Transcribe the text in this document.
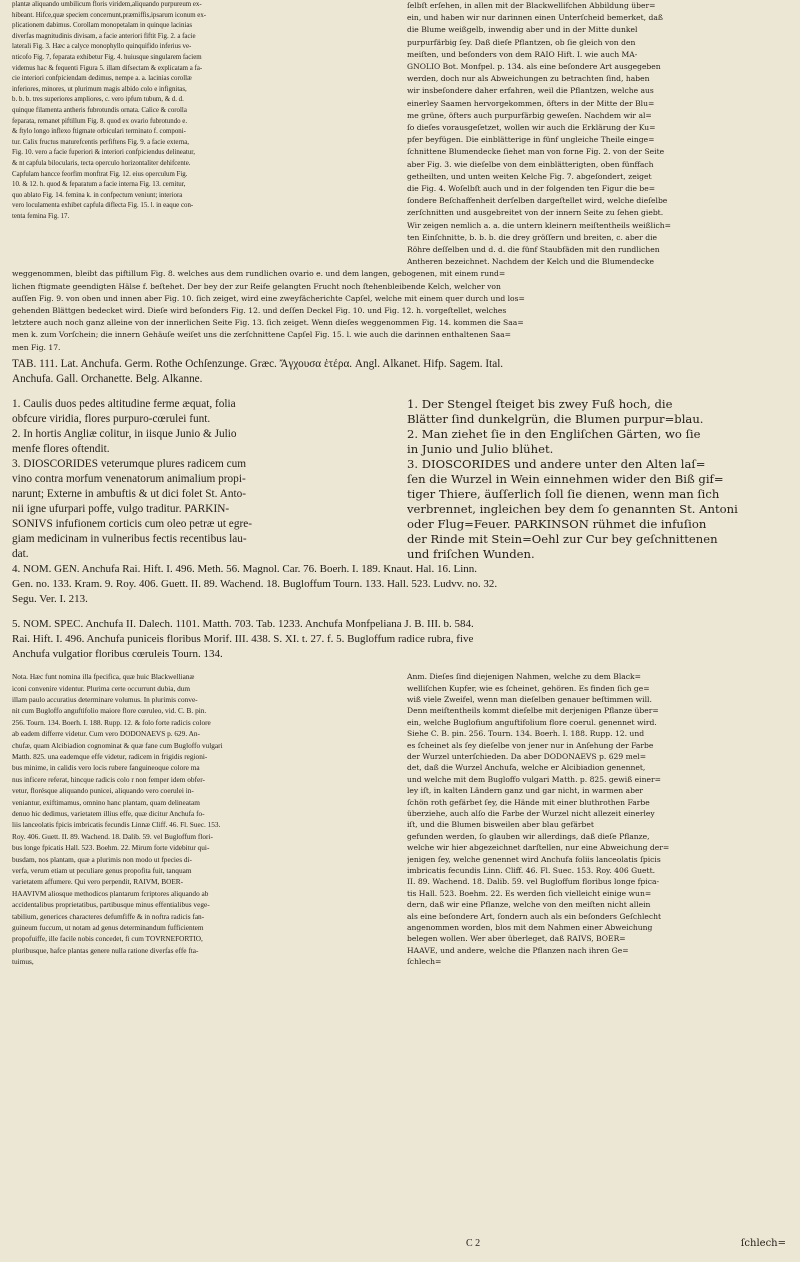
plantæ aliquando umbilicum floris viridem,aliquando purpureum ex-
hibeant. Hifce,quæ speciem concernunt,præmiffis,ipsarum iconum ex-
plicationem dabimus. Corollam monopetalam in quinque lacinias
diverfas magnitudinis divisam, a facie anteriori fiftit Fig. 2. a facie
laterali Fig. 3. Hæc a calyce monophyllo quinquifido inferius ve-
nticofo Fig. 7, feparata exhibetur Fig. 4. huiusque singularem faciem
videmus hac & fequenti Figura 5. illam difsectam & explicatam a fa-
cie interiori confpiciendam dedimus, nempe a. a. lacinias corollæ
inferiores, minores, ut plurimum magis albido colo e infignitas,
b. b. b. tres superiores ampliores, c. vero ipfum tubum, & d. d.
quinque filamenta antheris fubrotundis ornata. Calice & corolla
feparata, remanet piftillum Fig. 8. quod ex ovario fubrotundo e.
& ftylo longo inflexo ftigmate orbiculari terminato f. componi-
tur. Calix fructus maturefcentis perfiftens Fig. 9. a facie externa,
Fig. 10. vero a facie fuperiori & interiori confpiciendus delineatur,
& nt capfula bilocularis, tecta operculo horizontaliter dehifcente.
Capfulam hancce feorfim monftrat Fig. 12. eius operculum Fig.
10. & 12. h. quod & feparatum a facie interna Fig. 13. cernitur,
quo ablato Fig. 14. femina k. in confpectum veniunt; interiora
vero loculamenta exhibet capfula diflecta Fig. 15. l. in eaque con-
tenta femina Fig. 17.

ſelbſt erſehen, in allen mit der Blackwellifchen Abbildung über=
ein, und haben wir nur darinnen einen Unterſcheid bemerket, daß
die Blume weißgelb, inwendig aber und in der Mitte dunkel
purpurfärbig ſey. Daß dieſe Pflantzen, ob ſie gleich von den
meiſten, und beſonders von dem RAIO Hift. I. wie auch MA-
GNOLIO Bot. Monfpel. p. 134. als eine beſondere Art ausgegeben
werden, doch nur als Abweichungen zu betrachten ſind, haben
wir insbeſondere daher erfahren, weil die Pflantzen, welche aus
einerley Saamen hervorgekommen, öfters in der Mitte der Blu=
me grüne, öfters auch purpurfärbig geweſen. Nachdem wir al=
ſo dieſes vorausgeſetzet, wollen wir auch die Erklärung der Ku=
pfer beyfügen. Die einblätterige in fünf ungleiche Theile einge=
ſchnittene Blumendecke ſiehet man von forne Fig. 2. von der Seite
aber Fig. 3. wie dieſelbe von dem einblätterigten, oben fünffach
getheilten, und unten weiten Kelche Fig. 7. abgeſondert, zeiget
die Fig. 4. Woſelbſt auch und in der folgenden ten Figur die be=
ſondere Beſchaffenheit derſelben dargeſtellet wird, welche dieſelbe
zerſchnitten und ausgebreitet von der innern Seite zu ſehen giebt.
Wir zeigen nemlich a. a. die untern kleinern meiſtentheils weißlich=
ten Einſchnitte, b. b. b. die drey gröſſern und breiten, c. aber die
Röhre deſſelben und d. d. die fünf Staubfäden mit den rundlichen
Antheren bezeichnet. Nachdem der Kelch und die Blumendecke

weggenommen, bleibt das piftillum Fig. 8. welches aus dem rundlichen ovario e. und dem langen, gebogenen, mit einem rund=
lichen ftigmate geendigten Hälse f. beſtehet. Der bey der zur Reife gelangten Frucht noch ſtehenbleibende Kelch, welcher von
auſſen Fig. 9. von oben und innen aber Fig. 10. ſich zeiget, wird eine zweyfächerichte Capſel, welche mit einem quer durch und los=
gehenden Blättgen bedecket wird. Dieſe wird beſonders Fig. 12. und deſſen Deckel Fig. 10. und Fig. 12. h. vorgeſtellet, welches
letztere auch noch ganz alleine von der innerlichen Seite Fig. 13. ſich zeiget. Wenn dieſes weggenommen Fig. 14. kommen die Saa=
men k. zum Vorſchein; die innern Gehäuſe weiſet uns die zerſchnittene Capſel Fig. 15. l. wie auch die darinnen enthaltenen Saa=
men Fig. 17.

TAB. 111. Lat. Anchufa. Germ. Rothe Ochſenzunge. Græc. Ἄγχουσα ἑτέρα. Angl. Alkanet. Hifp. Sagem. Ital.
Anchufa. Gall. Orchanette. Belg. Alkanne.

1. Caulis duos pedes altitudine ferme æquat, folia
obfcure viridia, flores purpuro-cœrulei funt.
2. In hortis Angliæ colitur, in iisque Junio & Julio
menfe flores oftendit.
3. DIOSCORIDES veterumque plures radicem cum
vino contra morfum venenatorum animalium propi-
narunt; Externe in ambuftis & ut dici folet St. Anto-
nii igne ufurpari poffe, vulgo traditur. PARKIN-
SONIVS infufionem corticis cum oleo petræ ut egre-
giam medicinam in vulneribus fectis recentibus lau-
dat.

1. Der Stengel ſteiget bis zwey Fuß hoch, die
Blätter ſind dunkelgrün, die Blumen purpur=blau.
2. Man ziehet ſie in den Engliſchen Gärten, wo ſie
in Junio und Julio blühet.
3. DIOSCORIDES und andere unter den Alten laſ=
ſen die Wurzel in Wein einnehmen wider den Biß gif=
tiger Thiere, äuſſerlich ſoll ſie dienen, wenn man ſich
verbrennet, ingleichen bey dem ſo genannten St. Antoni
oder Flug=Feuer. PARKINSON rühmet die infuſion
der Rinde mit Stein=Oehl zur Cur bey geſchnittenen
und friſchen Wunden.

4. NOM. GEN. Anchufa Rai. Hift. I. 496. Meth. 56. Magnol. Car. 76. Boerh. I. 189. Knaut. Hal. 16. Linn.
Gen. no. 133. Kram. 9. Roy. 406. Guett. II. 89. Wachend. 18. Bugloffum Tourn. 133. Hall. 523. Ludvv. no. 32.
Segu. Ver. I. 213.

5. NOM. SPEC. Anchufa II. Dalech. 1101. Matth. 703. Tab. 1233. Anchufa Monfpeliana J. B. III. b. 584.
Rai. Hift. I. 496. Anchufa puniceis floribus Morif. III. 438. S. XI. t. 27. f. 5. Bugloffum radice rubra, five
Anchufa vulgatior floribus cœruleis Tourn. 134.

Nota. Hæc funt nomina illa fpecifica, quæ huic Blackwellianæ
iconi convenire videntur. Plurima certe occurrunt dubia, dum
illam paulo accuratius determinare volumus. In plurimis conve-
nit cum Bugloffo anguftifolio maiore flore cœruleo, vid. C. B. pin.
256. Tourn. 134. Boerh. I. 188. Rupp. 12. & folo forte radicis colore
ab eadem differre videtur. Cum vero DODONAEVS p. 629. An-
chufæ, quam Alcibiadion cognominat & quæ fane cum Bugloffo vulgari
Matth. 825. una eademque effe videtur, radicem in frigidis regioni-
bus minime, in calidis vero locis rubere fanguineoque colore ma
nus inficere referat, hincque radicis colo r non femper idem obfer-
vetur, florésque aliquando punicei, aliquando vero coerulei in-
veniantur, exiftimamus, omnino hanc plantam, quam delineatam
denuo hic dedimus, varietatem illius effe, quæ dicitur Anchufa fo-
liis lanceolatis fpicis imbricatis fecundis Linnæ Cliff. 46. Fl. Suec. 153.
Roy. 406. Guett. II. 89. Wachend. 18. Dalib. 59. vel Bugloffum flori-
bus longe fpicatis Hall. 523. Boehm. 22. Mirum forte videbitur qui-
busdam, nos plantam, quæ a plurimis non modo ut fpecies di-
verfa, verum etiam ut peculiare genus propofita fuit, tanquam
varietatem affumere. Qui vero perpendit, RAIVM, BOER-
HAAVIVM aliosque methodicos plantarum fcriptores aliquando ab
accidentalibus proprietatibus, partibusque minus effentialibus vege-
tabilium, generices characteres defumfiffe & in noftra radicis fan-
guineum fuccum, ut notam ad genus determinandum fufficientem
propofuiffe, ille facile nobis concedet, fi cum TOVRNEFORTIO,
pluribusque, hafce plantas genere nulla ratione diverfas effe fta-
tuimus,

Anm. Dieſes ſind diejenigen Nahmen, welche zu dem Black=
welliſchen Kupfer, wie es ſcheinet, gehören. Es finden ſich ge=
wiß viele Zweifel, wenn man dieſelben genauer beſtimmen will.
Denn meiſtentheils kommt dieſelbe mit derjenigen Pflanze über=
ein, welche Buglofium anguftifolium flore coerul. genennet wird.
Siehe C. B. pin. 256. Tourn. 134. Boerh. I. 188. Rupp. 12. und
es ſcheinet als ſey dieſelbe von jener nur in Anſehung der Farbe
der Wurzel unterſchieden. Da aber DODONAEVS p. 629 mel=
det, daß die Wurzel Anchufa, welche er Alcibiadion genennet,
und welche mit dem Bugloffo vulgari Matth. p. 825. gewiß einer=
ley iſt, in kalten Ländern ganz und gar nicht, in warmen aber
ſchön roth gefärbet ſey, die Hände mit einer bluthrothen Farbe
überziehe, auch alſo die Farbe der Wurzel nicht allezeit einerley
iſt, und die Blumen bisweilen aber blau gefärbet
gefunden werden, ſo glauben wir allerdings, daß dieſe Pflanze,
welche wir hier abgezeichnet darſtellen, nur eine Abweichung der=
jenigen ſey, welche genennet wird Anchufa foliis lanceolatis ſpicis
imbricatis fecundis Linn. Cliff. 46. Fl. Suec. 153. Roy. 406 Guett.
II. 89. Wachend. 18. Dalib. 59. vel Bugloffum floribus longe fpica-
tis Hall. 523. Boehm. 22. Es werden ſich vielleicht einige wun=
dern, daß wir eine Pflanze, welche von den meiſten nicht allein
als eine beſondere Art, ſondern auch als ein beſonders Geſchlecht
angenommen worden, blos mit dem Nahmen einer Abweichung
belegen wollen. Wer aber überleget, daß RAIVS, BOER=
HAAVE, und andere, welche die Pflanzen nach ihren Ge=
ſchlech=

C 2	ſchlech=
